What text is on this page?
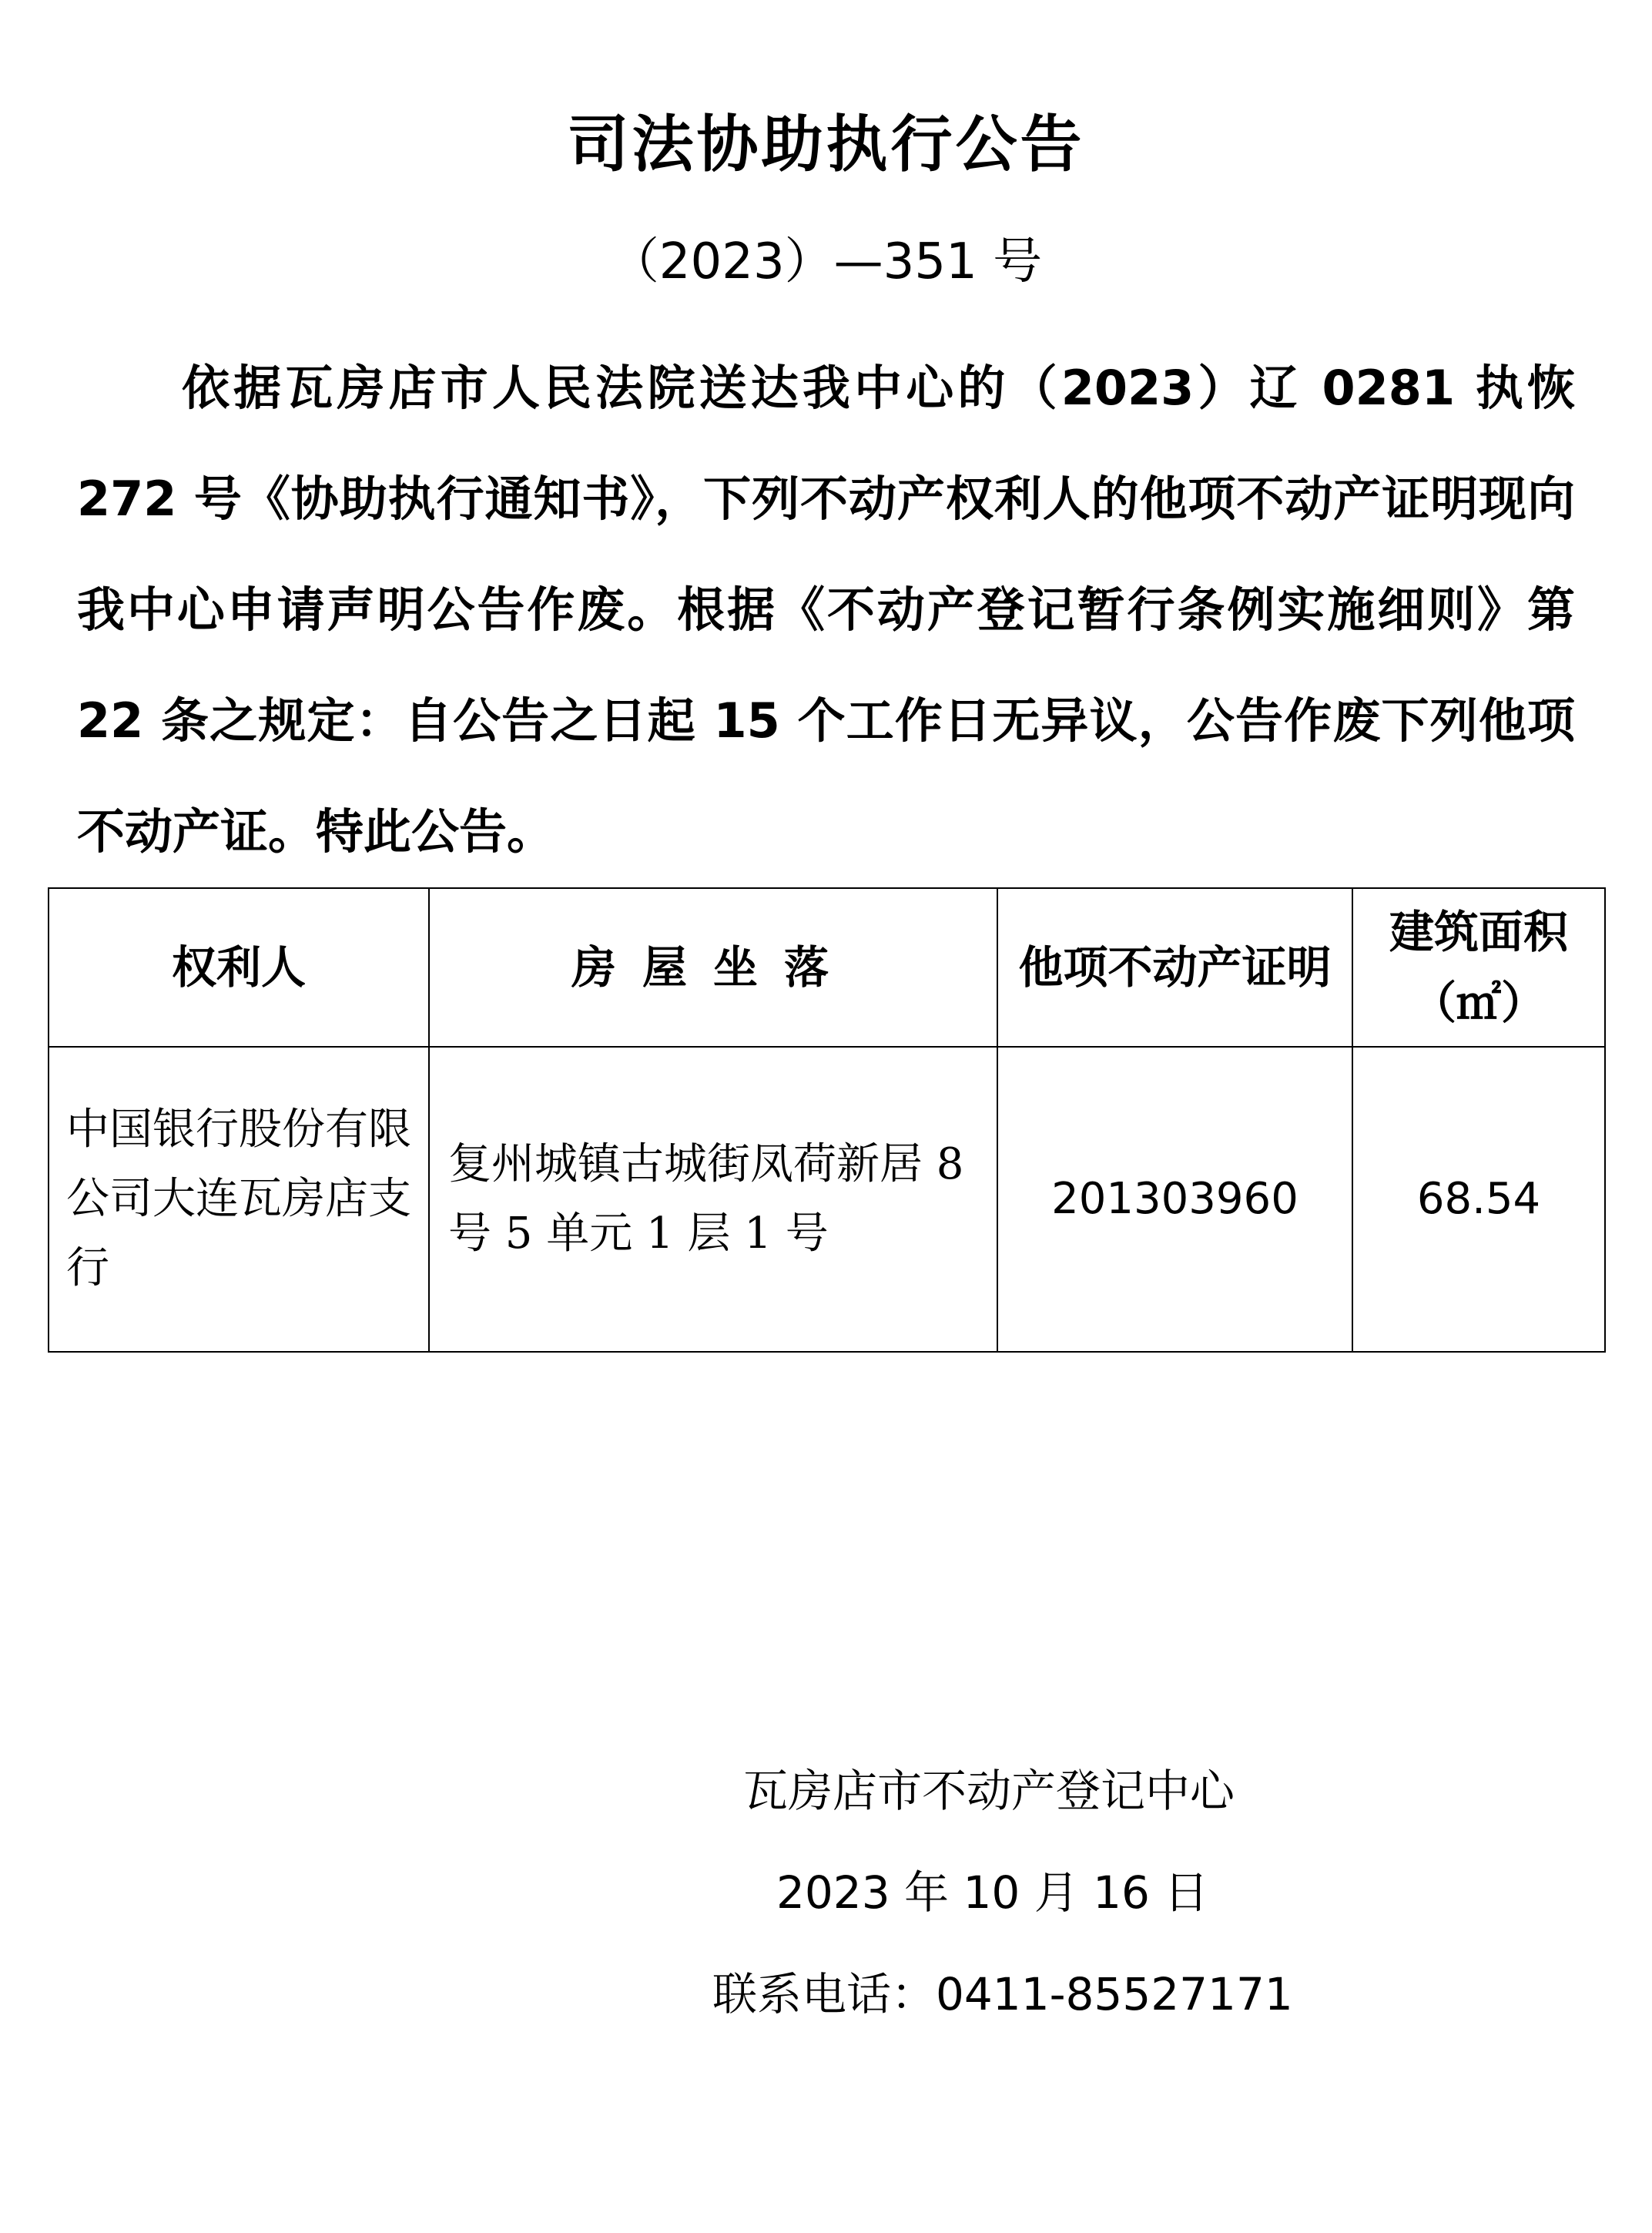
司法协助执行公告
（2023）—351 号

依据瓦房店市人民法院送达我中心的（2023）辽 0281 执恢 272 号《协助执行通知书》，下列不动产权利人的他项不动产证明现向我中心申请声明公告作废。根据《不动产登记暂行条例实施细则》第 22 条之规定：自公告之日起 15 个工作日无异议，公告作废下列他项不动产证。特此公告。

权利人	房屋坐落	他项不动产证明	建筑面积（㎡）
中国银行股份有限公司大连瓦房店支行	复州城镇古城街凤荷新居 8 号 5 单元 1 层 1 号	201303960	68.54
瓦房店市不动产登记中心
2023 年 10 月 16 日
联系电话：0411-85527171
